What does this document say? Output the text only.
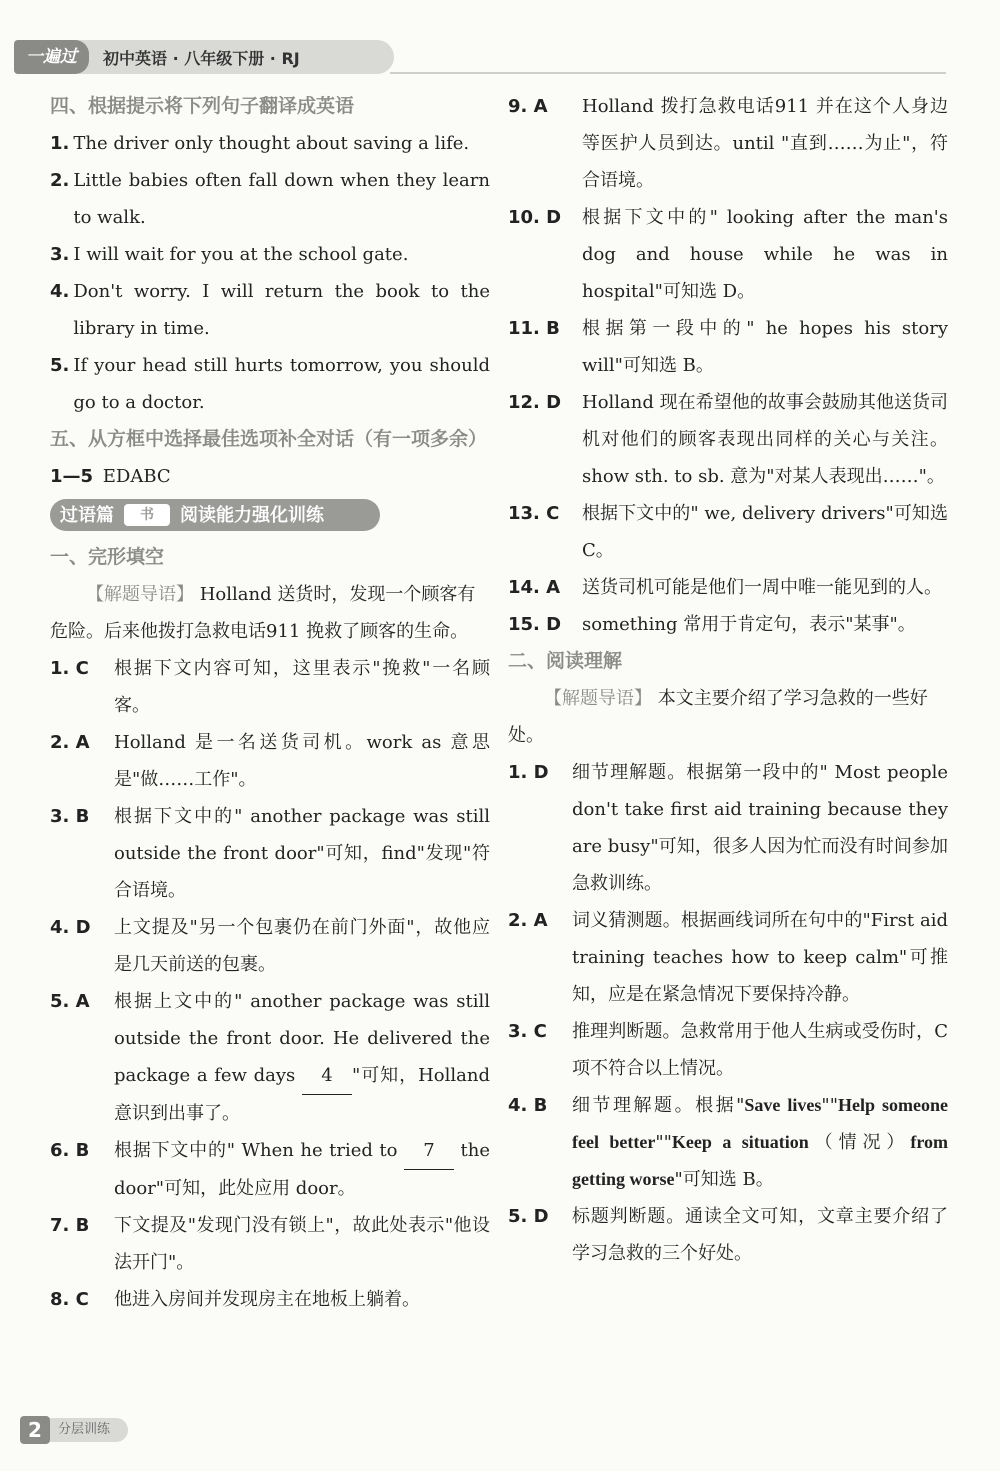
一遍过	初中英语 · 八年级下册 · RJ
四、根据提示将下列句子翻译成英语
1. The driver only thought about saving a life.
2. Little babies often fall down when they learn to walk.
3. I will wait for you at the school gate.
4. Don't worry. I will return the book to the library in time.
5. If your head still hurts tomorrow, you should go to a doctor.
五、从方框中选择最佳选项补全对话（有一项多余）
1—5
EDABC
过语篇	书	阅读能力强化训练
一、完形填空
【解题导语】 Holland 送货时，发现一个顾客有危险。后来他拨打急救电话911 挽救了顾客的生命。
1. C	根据下文内容可知，这里表示"挽救"一名顾客。
2. A	Holland 是一名送货司机。work as 意思是"做……工作"。
3. B	根据下文中的" another package was still outside the front door"可知，find"发现"符合语境。
4. D	上文提及"另一个包裹仍在前门外面"，故他应是几天前送的包裹。
5. A	根据上文中的" another package was still outside the front door. He delivered the package a few days 4 "可知，Holland 意识到出事了。
6. B	根据下文中的" When he tried to 7 the door"可知，此处应用 door。
7. B	下文提及"发现门没有锁上"，故此处表示"他设法开门"。
8. C	他进入房间并发现房主在地板上躺着。
9. A	Holland 拨打急救电话911 并在这个人身边等医护人员到达。until "直到……为止"，符合语境。
10. D	根据下文中的" looking after the man's dog and house while he was in hospital"可知选 D。
11. B	根据第一段中的" he hopes his story will"可知选 B。
12. D	Holland 现在希望他的故事会鼓励其他送货司机对他们的顾客表现出同样的关心与关注。show sth. to sb. 意为"对某人表现出……"。
13. C	根据下文中的" we, delivery drivers"可知选 C。
14. A	送货司机可能是他们一周中唯一能见到的人。
15. D	something 常用于肯定句，表示"某事"。
二、阅读理解
【解题导语】 本文主要介绍了学习急救的一些好处。
1. D	细节理解题。根据第一段中的" Most people don't take first aid training because they are busy"可知，很多人因为忙而没有时间参加急救训练。
2. A	词义猜测题。根据画线词所在句中的"First aid training teaches how to keep calm"可推知，应是在紧急情况下要保持冷静。
3. C	推理判断题。急救常用于他人生病或受伤时，C 项不符合以上情况。
4. B	细节理解题。根据"Save lives""Help someone feel better""Keep a situation（情况）from getting worse"可知选 B。
5. D	标题判断题。通读全文可知，文章主要介绍了学习急救的三个好处。
2	分层训练
